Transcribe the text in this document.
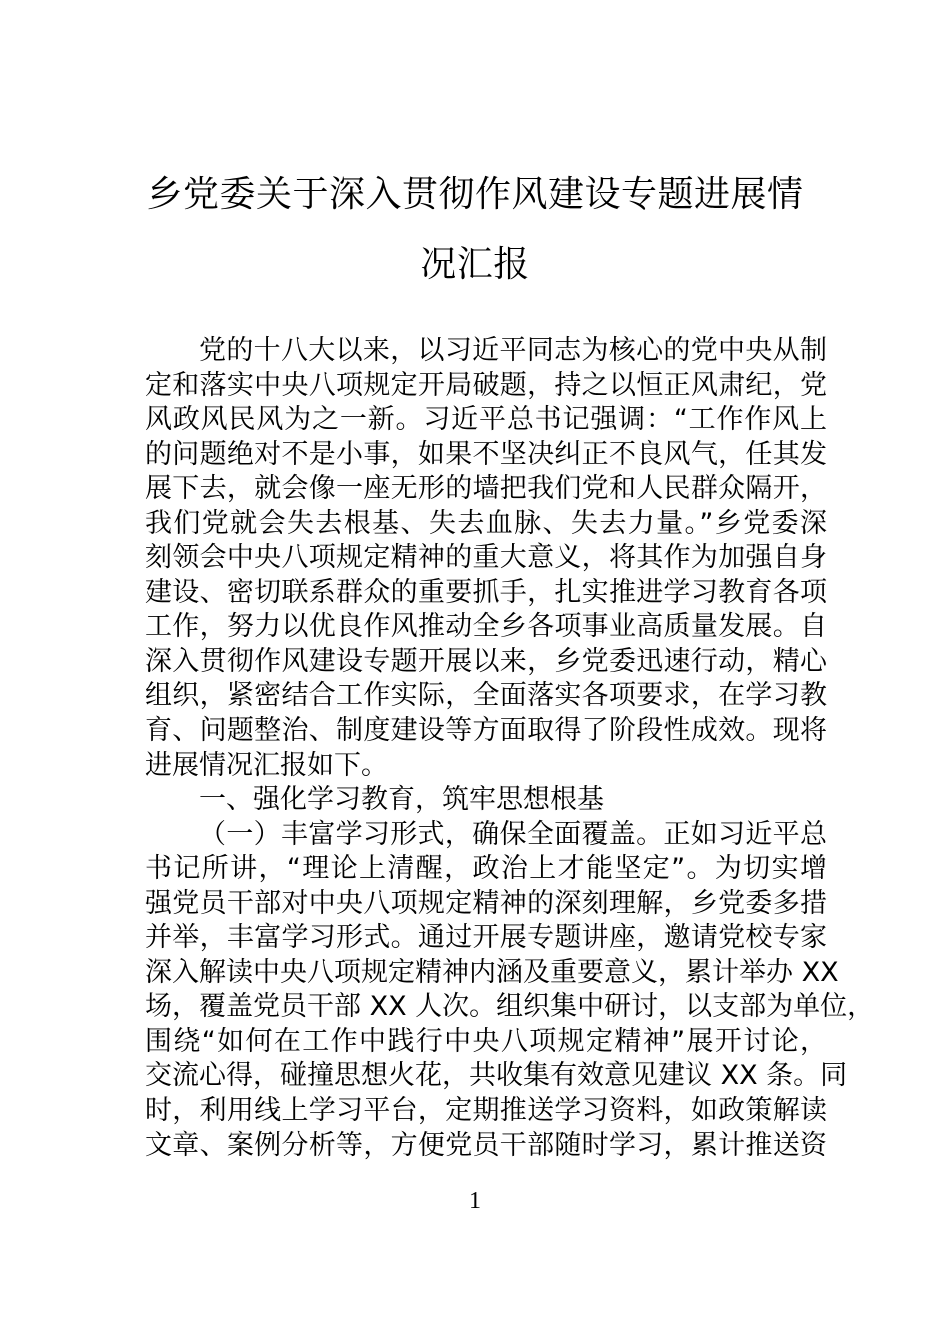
乡党委关于深入贯彻作风建设专题进展情
况汇报
党的十八大以来，以习近平同志为核心的党中央从制
定和落实中央八项规定开局破题，持之以恒正风肃纪，党
风政风民风为之一新。习近平总书记强调：“工作作风上
的问题绝对不是小事，如果不坚决纠正不良风气，任其发
展下去，就会像一座无形的墙把我们党和人民群众隔开，
我们党就会失去根基、失去血脉、失去力量。”乡党委深
刻领会中央八项规定精神的重大意义，将其作为加强自身
建设、密切联系群众的重要抓手，扎实推进学习教育各项
工作，努力以优良作风推动全乡各项事业高质量发展。自
深入贯彻作风建设专题开展以来，乡党委迅速行动，精心
组织，紧密结合工作实际，全面落实各项要求，在学习教
育、问题整治、制度建设等方面取得了阶段性成效。现将
进展情况汇报如下。
一、强化学习教育，筑牢思想根基
（一）丰富学习形式，确保全面覆盖。正如习近平总
书记所讲，“理论上清醒，政治上才能坚定”。为切实增
强党员干部对中央八项规定精神的深刻理解，乡党委多措
并举，丰富学习形式。通过开展专题讲座，邀请党校专家
深入解读中央八项规定精神内涵及重要意义，累计举办 XX
场，覆盖党员干部 XX 人次。组织集中研讨，以支部为单位，
围绕“如何在工作中践行中央八项规定精神”展开讨论，
交流心得，碰撞思想火花，共收集有效意见建议 XX 条。同
时，利用线上学习平台，定期推送学习资料，如政策解读
文章、案例分析等，方便党员干部随时学习，累计推送资
1
